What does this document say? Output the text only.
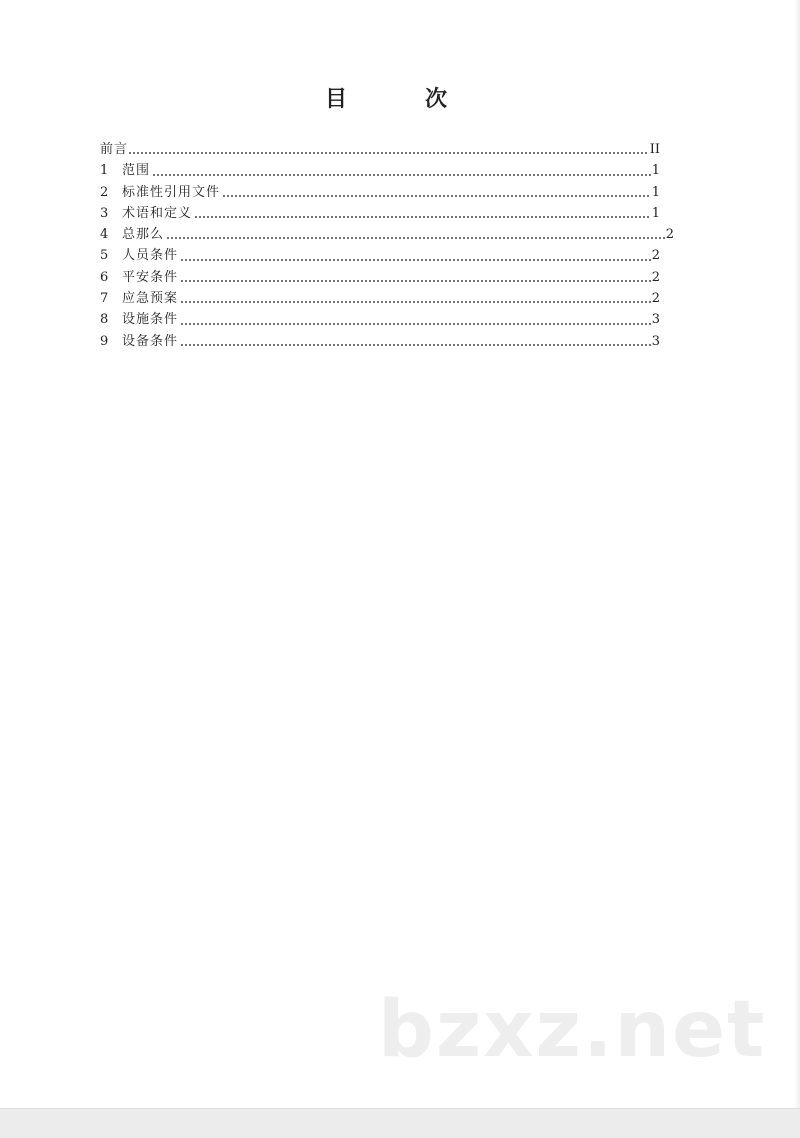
目　次
前言	II
1 范围	1
2 标准性引用文件	1
3 术语和定义	1
4 总那么	2
5 人员条件	2
6 平安条件	2
7 应急预案	2
8 设施条件	3
9 设备条件	3
bzxz.net
